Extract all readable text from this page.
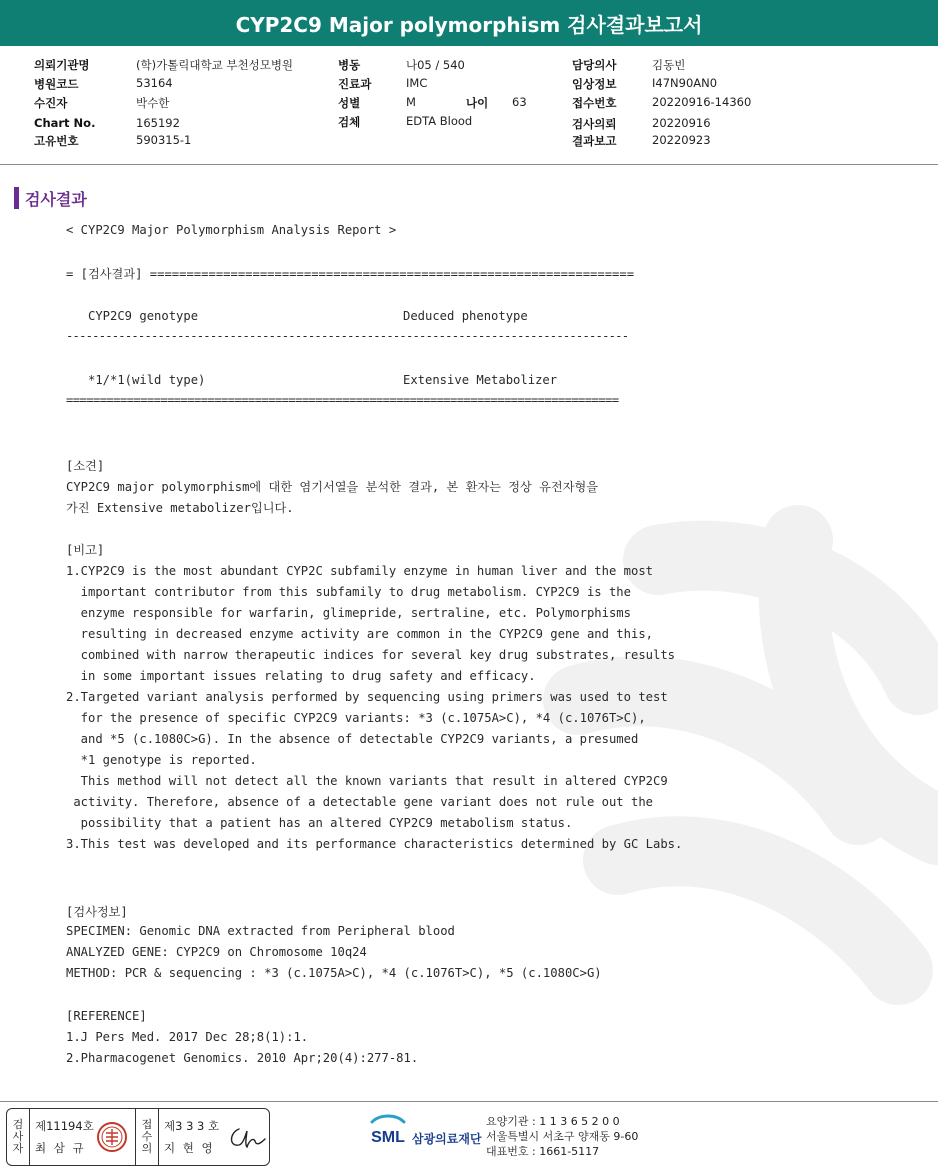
CYP2C9 Major polymorphism 검사결과보고서
의뢰기관명	(학)가톨릭대학교 부천성모병원
병원코드	53164
수진자	박수한
Chart No.	165192
고유번호	590315-1
병동	나05 / 540
진료과	IMC
성별	M	나이 63
검체	EDTA Blood
담당의사	김동빈
임상정보	I47N90AN0
접수번호	20220916-14360
검사의뢰	20220916
결과보고	20220923
검사결과
< CYP2C9 Major Polymorphism Analysis Report >
= [검사결과] ==================================================================
CYP2C9 genotype	Deduced phenotype
--------------------------------------------------------------------------------------
*1/*1(wild type)	Extensive Metabolizer
==================================================================================
[소견]
CYP2C9 major polymorphism에 대한 염기서열을 분석한 결과, 본 환자는 정상 유전자형을
가진 Extensive metabolizer입니다.
[비고]
1.CYP2C9 is the most abundant CYP2C subfamily enzyme in human liver and the most
important contributor from this subfamily to drug metabolism. CYP2C9 is the
enzyme responsible for warfarin, glimepride, sertraline, etc. Polymorphisms
resulting in decreased enzyme activity are common in the CYP2C9 gene and this,
combined with narrow therapeutic indices for several key drug substrates, results
in some important issues relating to drug safety and efficacy.
2.Targeted variant analysis performed by sequencing using primers was used to test
for the presence of specific CYP2C9 variants: *3 (c.1075A>C), *4 (c.1076T>C),
and *5 (c.1080C>G). In the absence of detectable CYP2C9 variants, a presumed
*1 genotype is reported.
This method will not detect all the known variants that result in altered CYP2C9
activity. Therefore, absence of a detectable gene variant does not rule out the
possibility that a patient has an altered CYP2C9 metabolism status.
3.This test was developed and its performance characteristics determined by GC Labs.
[검사정보]
SPECIMEN: Genomic DNA extracted from Peripheral blood
ANALYZED GENE: CYP2C9 on Chromosome 10q24
METHOD: PCR & sequencing : *3 (c.1075A>C), *4 (c.1076T>C), *5 (c.1080C>G)
[REFERENCE]
1.J Pers Med. 2017 Dec 28;8(1):1.
2.Pharmacogenet Genomics. 2010 Apr;20(4):277-81.
검
사
자
제11194호
최 삼 규
접
수
의
제3 3 3 호
지 현 영
SML 삼광의료재단
요양기관 : 1 1 3 6 5 2 0 0
서울특별시 서초구 양재동 9-60
대표번호 : 1661-5117
